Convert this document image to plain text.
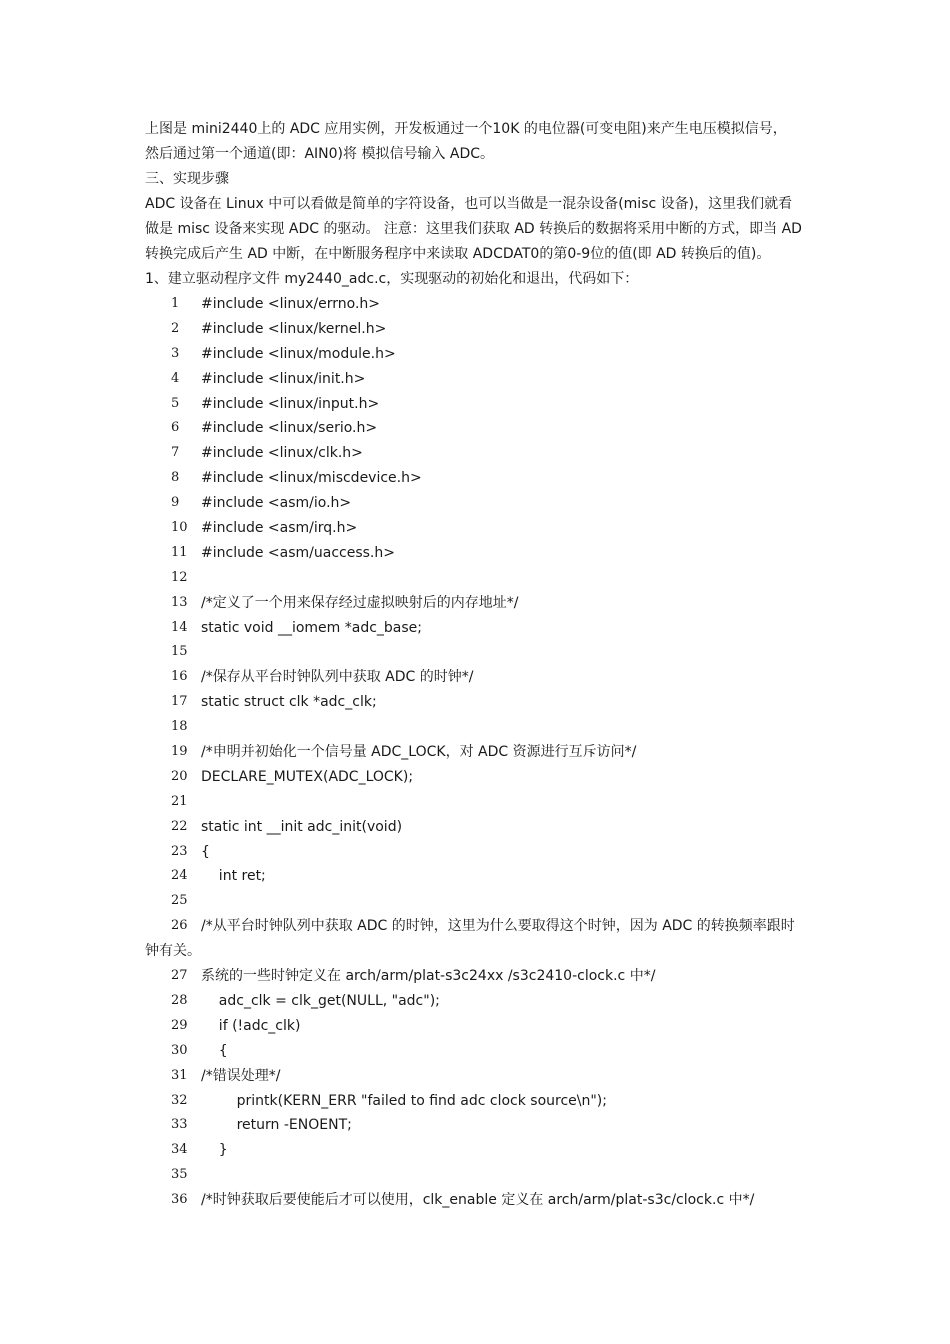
上图是 mini2440上的 ADC 应用实例，开发板通过一个10K 的电位器(可变电阻)来产生电压模拟信号，
然后通过第一个通道(即：AIN0)将 模拟信号输入 ADC。
三、实现步骤
ADC 设备在 Linux 中可以看做是简单的字符设备，也可以当做是一混杂设备(misc 设备)，这里我们就看
做是 misc 设备来实现 ADC 的驱动。 注意：这里我们获取 AD 转换后的数据将采用中断的方式，即当 AD
转换完成后产生 AD 中断，在中断服务程序中来读取 ADCDAT0的第0-9位的值(即 AD 转换后的值)。
1、建立驱动程序文件 my2440_adc.c，实现驱动的初始化和退出，代码如下：
1	#include <linux/errno.h>
2	#include <linux/kernel.h>
3	#include <linux/module.h>
4	#include <linux/init.h>
5	#include <linux/input.h>
6	#include <linux/serio.h>
7	#include <linux/clk.h>
8	#include <linux/miscdevice.h>
9	#include <asm/io.h>
10 #include <asm/irq.h>
11 #include <asm/uaccess.h>
12
13 /*定义了一个用来保存经过虚拟映射后的内存地址*/
14 static void __iomem *adc_base;
15
16 /*保存从平台时钟队列中获取 ADC 的时钟*/
17 static struct clk *adc_clk;
18
19 /*申明并初始化一个信号量 ADC_LOCK，对 ADC 资源进行互斥访问*/
20 DECLARE_MUTEX(ADC_LOCK);
21
22 static int __init adc_init(void)
23 {
24 int ret;
25
26 /*从平台时钟队列中获取 ADC 的时钟，这里为什么要取得这个时钟，因为 ADC 的转换频率跟时
钟有关。
27 系统的一些时钟定义在 arch/arm/plat-s3c24xx /s3c2410-clock.c 中*/
28 adc_clk = clk_get(NULL, "adc");
29 if (!adc_clk)
30 {
31 /*错误处理*/
32 printk(KERN_ERR "failed to find adc clock source\n");
33 return -ENOENT;
34 }
35
36 /*时钟获取后要使能后才可以使用，clk_enable 定义在 arch/arm/plat-s3c/clock.c 中*/
